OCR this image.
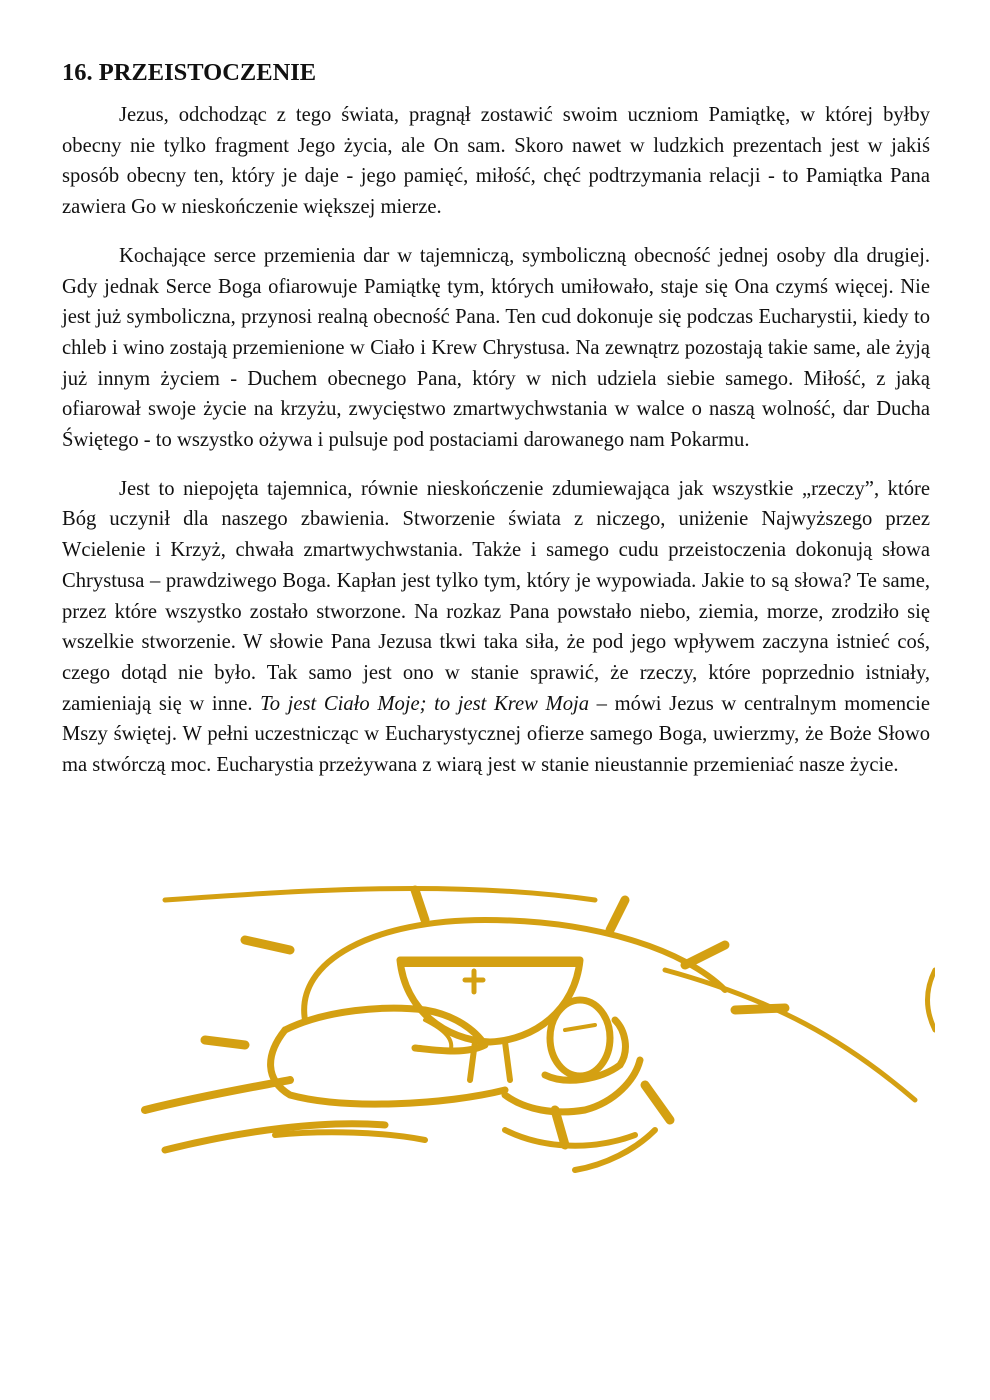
16. PRZEISTOCZENIE

Jezus, odchodząc z tego świata, pragnął zostawić swoim uczniom Pamiątkę, w której byłby obecny nie tylko fragment Jego życia, ale On sam. Skoro nawet w ludzkich prezentach jest w jakiś sposób obecny ten, który je daje - jego pamięć, miłość, chęć podtrzymania relacji - to Pamiątka Pana zawiera Go w nieskończenie większej mierze.

Kochające serce przemienia dar w tajemniczą, symboliczną obecność jednej osoby dla drugiej. Gdy jednak Serce Boga ofiarowuje Pamiątkę tym, których umiłowało, staje się Ona czymś więcej. Nie jest już symboliczna, przynosi realną obecność Pana. Ten cud dokonuje się podczas Eucharystii, kiedy to chleb i wino zostają przemienione w Ciało i Krew Chrystusa. Na zewnątrz pozostają takie same, ale żyją już innym życiem - Duchem obecnego Pana, który w nich udziela siebie samego. Miłość, z jaką ofiarował swoje życie na krzyżu, zwycięstwo zmartwychwstania w walce o naszą wolność, dar Ducha Świętego - to wszystko ożywa i pulsuje pod postaciami darowanego nam Pokarmu.

Jest to niepojęta tajemnica, równie nieskończenie zdumiewająca jak wszystkie „rzeczy”, które Bóg uczynił dla naszego zbawienia. Stworzenie świata z niczego, uniżenie Najwyższego przez Wcielenie i Krzyż, chwała zmartwychwstania. Także i samego cudu przeistoczenia dokonują słowa Chrystusa – prawdziwego Boga. Kapłan jest tylko tym, który je wypowiada. Jakie to są słowa? Te same, przez które wszystko zostało stworzone. Na rozkaz Pana powstało niebo, ziemia, morze, zrodziło się wszelkie stworzenie. W słowie Pana Jezusa tkwi taka siła, że pod jego wpływem zaczyna istnieć coś, czego dotąd nie było. Tak samo jest ono w stanie sprawić, że rzeczy, które poprzednio istniały, zamieniają się w inne. To jest Ciało Moje; to jest Krew Moja – mówi Jezus w centralnym momencie Mszy świętej. W pełni uczestnicząc w Eucharystycznej ofierze samego Boga, uwierzmy, że Boże Słowo ma stwórczą moc. Eucharystia przeżywana z wiarą jest w stanie nieustannie przemieniać nasze życie.
